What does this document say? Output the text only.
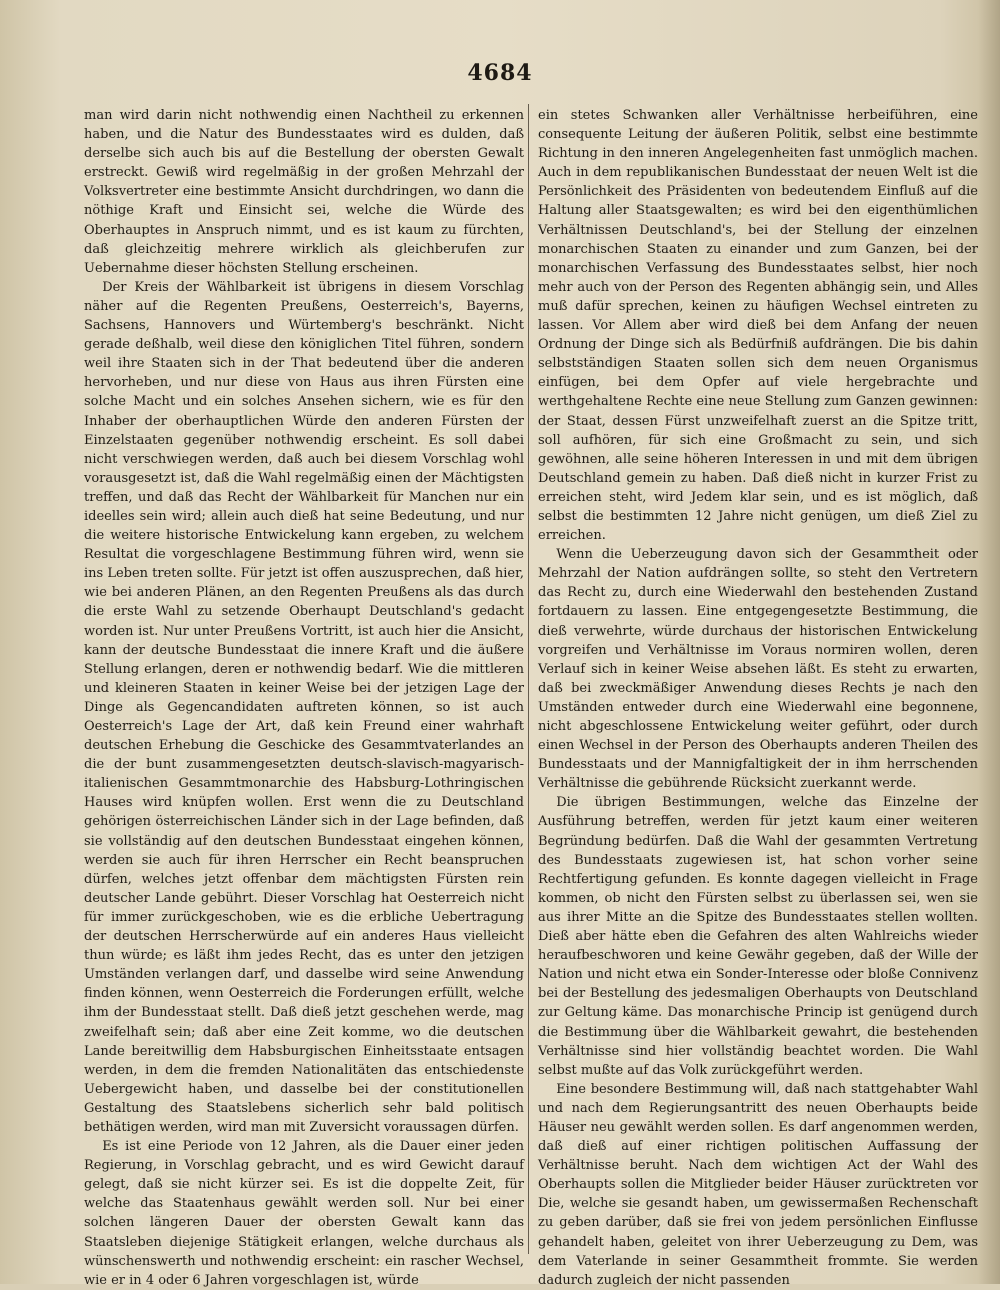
4684

man wird darin nicht nothwendig einen Nachtheil zu erkennen haben, und die Natur des Bundesstaates wird es dulden, daß derselbe sich auch bis auf die Bestellung der obersten Gewalt erstreckt. Gewiß wird regelmäßig in der großen Mehrzahl der Volksvertreter eine bestimmte Ansicht durchdringen, wo dann die nöthige Kraft und Einsicht sei, welche die Würde des Oberhauptes in Anspruch nimmt, und es ist kaum zu fürchten, daß gleichzeitig mehrere wirklich als gleichberufen zur Uebernahme dieser höchsten Stellung erscheinen.

Der Kreis der Wählbarkeit ist übrigens in diesem Vorschlag näher auf die Regenten Preußens, Oesterreich's, Bayerns, Sachsens, Hannovers und Würtemberg's beschränkt. Nicht gerade deßhalb, weil diese den königlichen Titel führen, sondern weil ihre Staaten sich in der That bedeutend über die anderen hervorheben, und nur diese von Haus aus ihren Fürsten eine solche Macht und ein solches Ansehen sichern, wie es für den Inhaber der oberhauptlichen Würde den anderen Fürsten der Einzelstaaten gegenüber nothwendig erscheint. Es soll dabei nicht verschwiegen werden, daß auch bei diesem Vorschlag wohl vorausgesetzt ist, daß die Wahl regelmäßig einen der Mächtigsten treffen, und daß das Recht der Wählbarkeit für Manchen nur ein ideelles sein wird; allein auch dieß hat seine Bedeutung, und nur die weitere historische Entwickelung kann ergeben, zu welchem Resultat die vorgeschlagene Bestimmung führen wird, wenn sie ins Leben treten sollte. Für jetzt ist offen auszusprechen, daß hier, wie bei anderen Plänen, an den Regenten Preußens als das durch die erste Wahl zu setzende Oberhaupt Deutschland's gedacht worden ist. Nur unter Preußens Vortritt, ist auch hier die Ansicht, kann der deutsche Bundesstaat die innere Kraft und die äußere Stellung erlangen, deren er nothwendig bedarf. Wie die mittleren und kleineren Staaten in keiner Weise bei der jetzigen Lage der Dinge als Gegencandidaten auftreten können, so ist auch Oesterreich's Lage der Art, daß kein Freund einer wahrhaft deutschen Erhebung die Geschicke des Gesammtvaterlandes an die der bunt zusammengesetzten deutsch-slavisch-magyarisch-italienischen Gesammtmonarchie des Habsburg-Lothringischen Hauses wird knüpfen wollen. Erst wenn die zu Deutschland gehörigen österreichischen Länder sich in der Lage befinden, daß sie vollständig auf den deutschen Bundesstaat eingehen können, werden sie auch für ihren Herrscher ein Recht beanspruchen dürfen, welches jetzt offenbar dem mächtigsten Fürsten rein deutscher Lande gebührt. Dieser Vorschlag hat Oesterreich nicht für immer zurückgeschoben, wie es die erbliche Uebertragung der deutschen Herrscherwürde auf ein anderes Haus vielleicht thun würde; es läßt ihm jedes Recht, das es unter den jetzigen Umständen verlangen darf, und dasselbe wird seine Anwendung finden können, wenn Oesterreich die Forderungen erfüllt, welche ihm der Bundesstaat stellt. Daß dieß jetzt geschehen werde, mag zweifelhaft sein; daß aber eine Zeit komme, wo die deutschen Lande bereitwillig dem Habsburgischen Einheitsstaate entsagen werden, in dem die fremden Nationalitäten das entschiedenste Uebergewicht haben, und dasselbe bei der constitutionellen Gestaltung des Staatslebens sicherlich sehr bald politisch bethätigen werden, wird man mit Zuversicht voraussagen dürfen.

Es ist eine Periode von 12 Jahren, als die Dauer einer jeden Regierung, in Vorschlag gebracht, und es wird Gewicht darauf gelegt, daß sie nicht kürzer sei. Es ist die doppelte Zeit, für welche das Staatenhaus gewählt werden soll. Nur bei einer solchen längeren Dauer der obersten Gewalt kann das Staatsleben diejenige Stätigkeit erlangen, welche durchaus als wünschenswerth und nothwendig erscheint: ein rascher Wechsel, wie er in 4 oder 6 Jahren vorgeschlagen ist, würde

ein stetes Schwanken aller Verhältnisse herbeiführen, eine consequente Leitung der äußeren Politik, selbst eine bestimmte Richtung in den inneren Angelegenheiten fast unmöglich machen. Auch in dem republikanischen Bundesstaat der neuen Welt ist die Persönlichkeit des Präsidenten von bedeutendem Einfluß auf die Haltung aller Staatsgewalten; es wird bei den eigenthümlichen Verhältnissen Deutschland's, bei der Stellung der einzelnen monarchischen Staaten zu einander und zum Ganzen, bei der monarchischen Verfassung des Bundesstaates selbst, hier noch mehr auch von der Person des Regenten abhängig sein, und Alles muß dafür sprechen, keinen zu häufigen Wechsel eintreten zu lassen. Vor Allem aber wird dieß bei dem Anfang der neuen Ordnung der Dinge sich als Bedürfniß aufdrängen. Die bis dahin selbstständigen Staaten sollen sich dem neuen Organismus einfügen, bei dem Opfer auf viele hergebrachte und werthgehaltene Rechte eine neue Stellung zum Ganzen gewinnen: der Staat, dessen Fürst unzweifelhaft zuerst an die Spitze tritt, soll aufhören, für sich eine Großmacht zu sein, und sich gewöhnen, alle seine höheren Interessen in und mit dem übrigen Deutschland gemein zu haben. Daß dieß nicht in kurzer Frist zu erreichen steht, wird Jedem klar sein, und es ist möglich, daß selbst die bestimmten 12 Jahre nicht genügen, um dieß Ziel zu erreichen.

Wenn die Ueberzeugung davon sich der Gesammtheit oder Mehrzahl der Nation aufdrängen sollte, so steht den Vertretern das Recht zu, durch eine Wiederwahl den bestehenden Zustand fortdauern zu lassen. Eine entgegengesetzte Bestimmung, die dieß verwehrte, würde durchaus der historischen Entwickelung vorgreifen und Verhältnisse im Voraus normiren wollen, deren Verlauf sich in keiner Weise absehen läßt. Es steht zu erwarten, daß bei zweckmäßiger Anwendung dieses Rechts je nach den Umständen entweder durch eine Wiederwahl eine begonnene, nicht abgeschlossene Entwickelung weiter geführt, oder durch einen Wechsel in der Person des Oberhaupts anderen Theilen des Bundesstaats und der Mannigfaltigkeit der in ihm herrschenden Verhältnisse die gebührende Rücksicht zuerkannt werde.

Die übrigen Bestimmungen, welche das Einzelne der Ausführung betreffen, werden für jetzt kaum einer weiteren Begründung bedürfen. Daß die Wahl der gesammten Vertretung des Bundesstaats zugewiesen ist, hat schon vorher seine Rechtfertigung gefunden. Es konnte dagegen vielleicht in Frage kommen, ob nicht den Fürsten selbst zu überlassen sei, wen sie aus ihrer Mitte an die Spitze des Bundesstaates stellen wollten. Dieß aber hätte eben die Gefahren des alten Wahlreichs wieder heraufbeschworen und keine Gewähr gegeben, daß der Wille der Nation und nicht etwa ein Sonder-Interesse oder bloße Connivenz bei der Bestellung des jedesmaligen Oberhaupts von Deutschland zur Geltung käme. Das monarchische Princip ist genügend durch die Bestimmung über die Wählbarkeit gewahrt, die bestehenden Verhältnisse sind hier vollständig beachtet worden. Die Wahl selbst mußte auf das Volk zurückgeführt werden.

Eine besondere Bestimmung will, daß nach stattgehabter Wahl und nach dem Regierungsantritt des neuen Oberhaupts beide Häuser neu gewählt werden sollen. Es darf angenommen werden, daß dieß auf einer richtigen politischen Auffassung der Verhältnisse beruht. Nach dem wichtigen Act der Wahl des Oberhaupts sollen die Mitglieder beider Häuser zurücktreten vor Die, welche sie gesandt haben, um gewissermaßen Rechenschaft zu geben darüber, daß sie frei von jedem persönlichen Einflusse gehandelt haben, geleitet von ihrer Ueberzeugung zu Dem, was dem Vaterlande in seiner Gesammtheit frommte. Sie werden dadurch zugleich der nicht passenden
